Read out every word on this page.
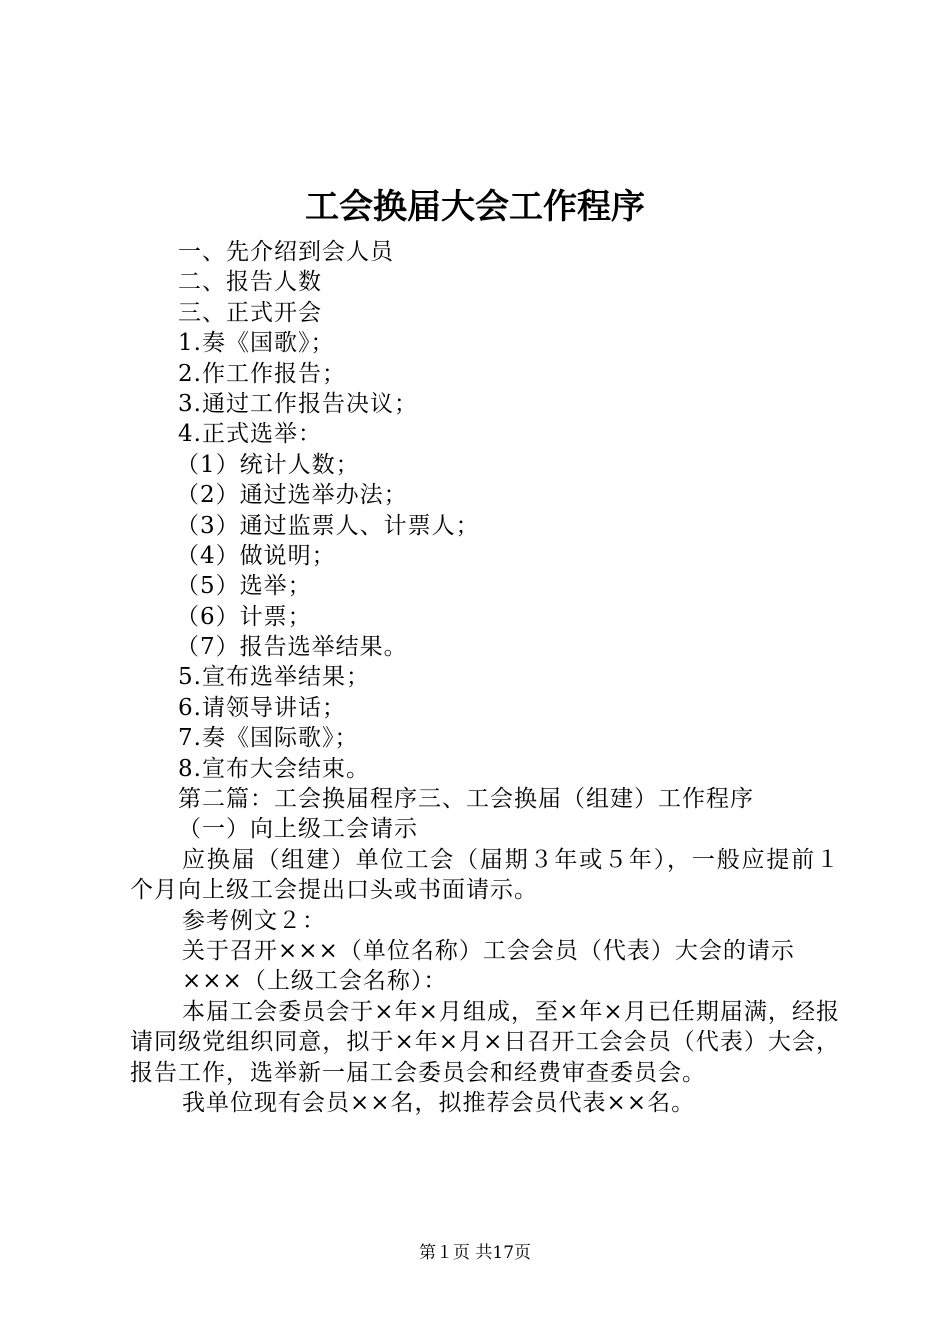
工会换届大会工作程序
一、先介绍到会人员
二、报告人数
三、正式开会
1.奏《国歌》；
2.作工作报告；
3.通过工作报告决议；
4.正式选举：
（1）统计人数；
（2）通过选举办法；
（3）通过监票人、计票人；
（4）做说明；
（5）选举；
（6）计票；
（7）报告选举结果。
5.宣布选举结果；
6.请领导讲话；
7.奏《国际歌》；
8.宣布大会结束。
第二篇：工会换届程序三、工会换届（组建）工作程序
（一）向上级工会请示
应换届（组建）单位工会（届期３年或５年），一般应提前１个月向上级工会提出口头或书面请示。
参考例文２：
关于召开×××（单位名称）工会会员（代表）大会的请示
×××（上级工会名称）：
本届工会委员会于×年×月组成，至×年×月已任期届满，经报请同级党组织同意，拟于×年×月×日召开工会会员（代表）大会，报告工作，选举新一届工会委员会和经费审查委员会。
我单位现有会员××名，拟推荐会员代表××名。
第１页 共17页
